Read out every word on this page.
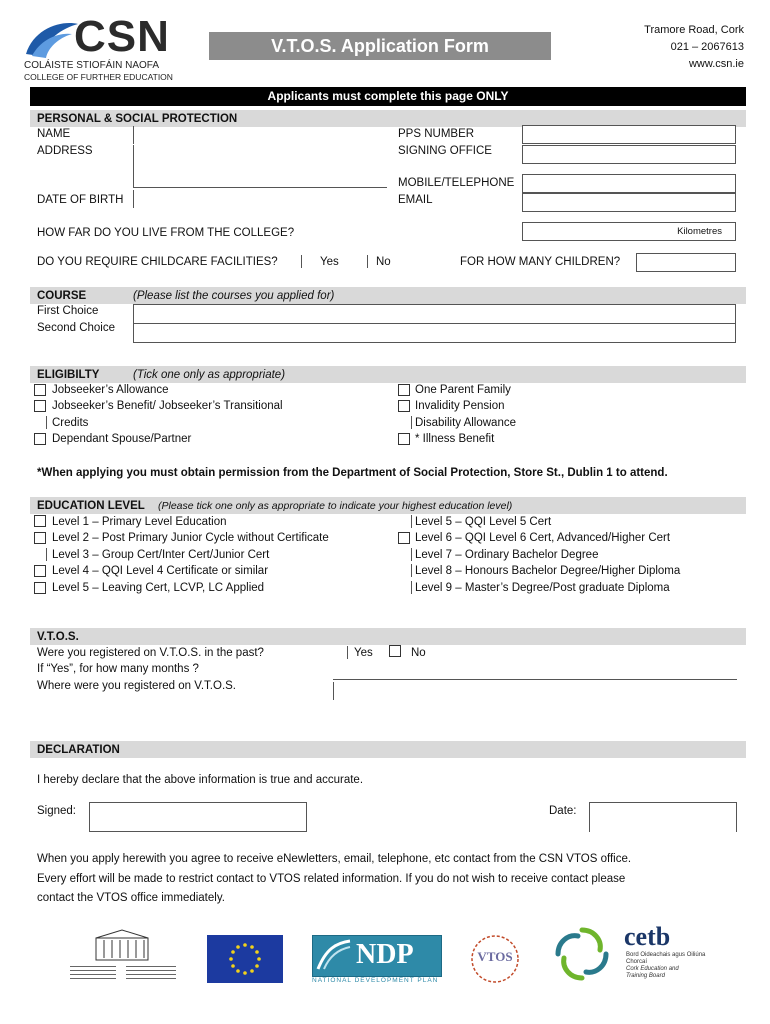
CSN
COLÁISTE STIOFÁIN NAOFA
COLLEGE OF FURTHER EDUCATION
V.T.O.S. Application Form
Tramore Road, Cork
021 – 2067613
www.csn.ie
Applicants must complete this page ONLY
PERSONAL & SOCIAL PROTECTION
NAME
ADDRESS
DATE OF BIRTH
PPS NUMBER
SIGNING OFFICE
MOBILE/TELEPHONE
EMAIL
HOW FAR DO YOU LIVE FROM THE COLLEGE?	Kilometres
DO YOU REQUIRE CHILDCARE FACILITIES?	Yes	No	FOR HOW MANY CHILDREN?
COURSE	(Please list the courses you applied for)
First Choice
Second Choice
ELIGIBILTY	(Tick one only as appropriate)
Jobseeker’s Allowance
Jobseeker’s Benefit/ Jobseeker’s Transitional
Credits
Dependant Spouse/Partner
One Parent Family
Invalidity Pension
Disability Allowance
* Illness Benefit
*When applying you must obtain permission from the Department of Social Protection, Store St., Dublin 1 to attend.
EDUCATION LEVEL (Please tick one only as appropriate to indicate your highest education level)
Level 1 – Primary Level Education
Level 2 – Post Primary Junior Cycle without Certificate
Level 3 – Group Cert/Inter Cert/Junior Cert
Level 4 – QQI Level 4 Certificate or similar
Level 5 – Leaving Cert, LCVP, LC Applied
Level 5 – QQI Level 5 Cert
Level 6 – QQI Level 6 Cert, Advanced/Higher Cert
Level 7 – Ordinary Bachelor Degree
Level 8 – Honours Bachelor Degree/Higher Diploma
Level 9 – Master’s Degree/Post graduate Diploma
V.T.O.S.
Were you registered on V.T.O.S. in the past?	Yes	No
If “Yes”, for how many months ?
Where were you registered on V.T.O.S.
DECLARATION
I hereby declare that the above information is true and accurate.
Signed:	Date:
When you apply herewith you agree to receive eNewletters, email, telephone, etc contact from the CSN VTOS office.
Every effort will be made to restrict contact to VTOS related information. If you do not wish to receive contact please
contact the VTOS office immediately.
NDP
NATIONAL DEVELOPMENT PLAN
VTOS
cetb
Bord Oideachais agus Oiliúna Chorcaí
Cork Education and Training Board
